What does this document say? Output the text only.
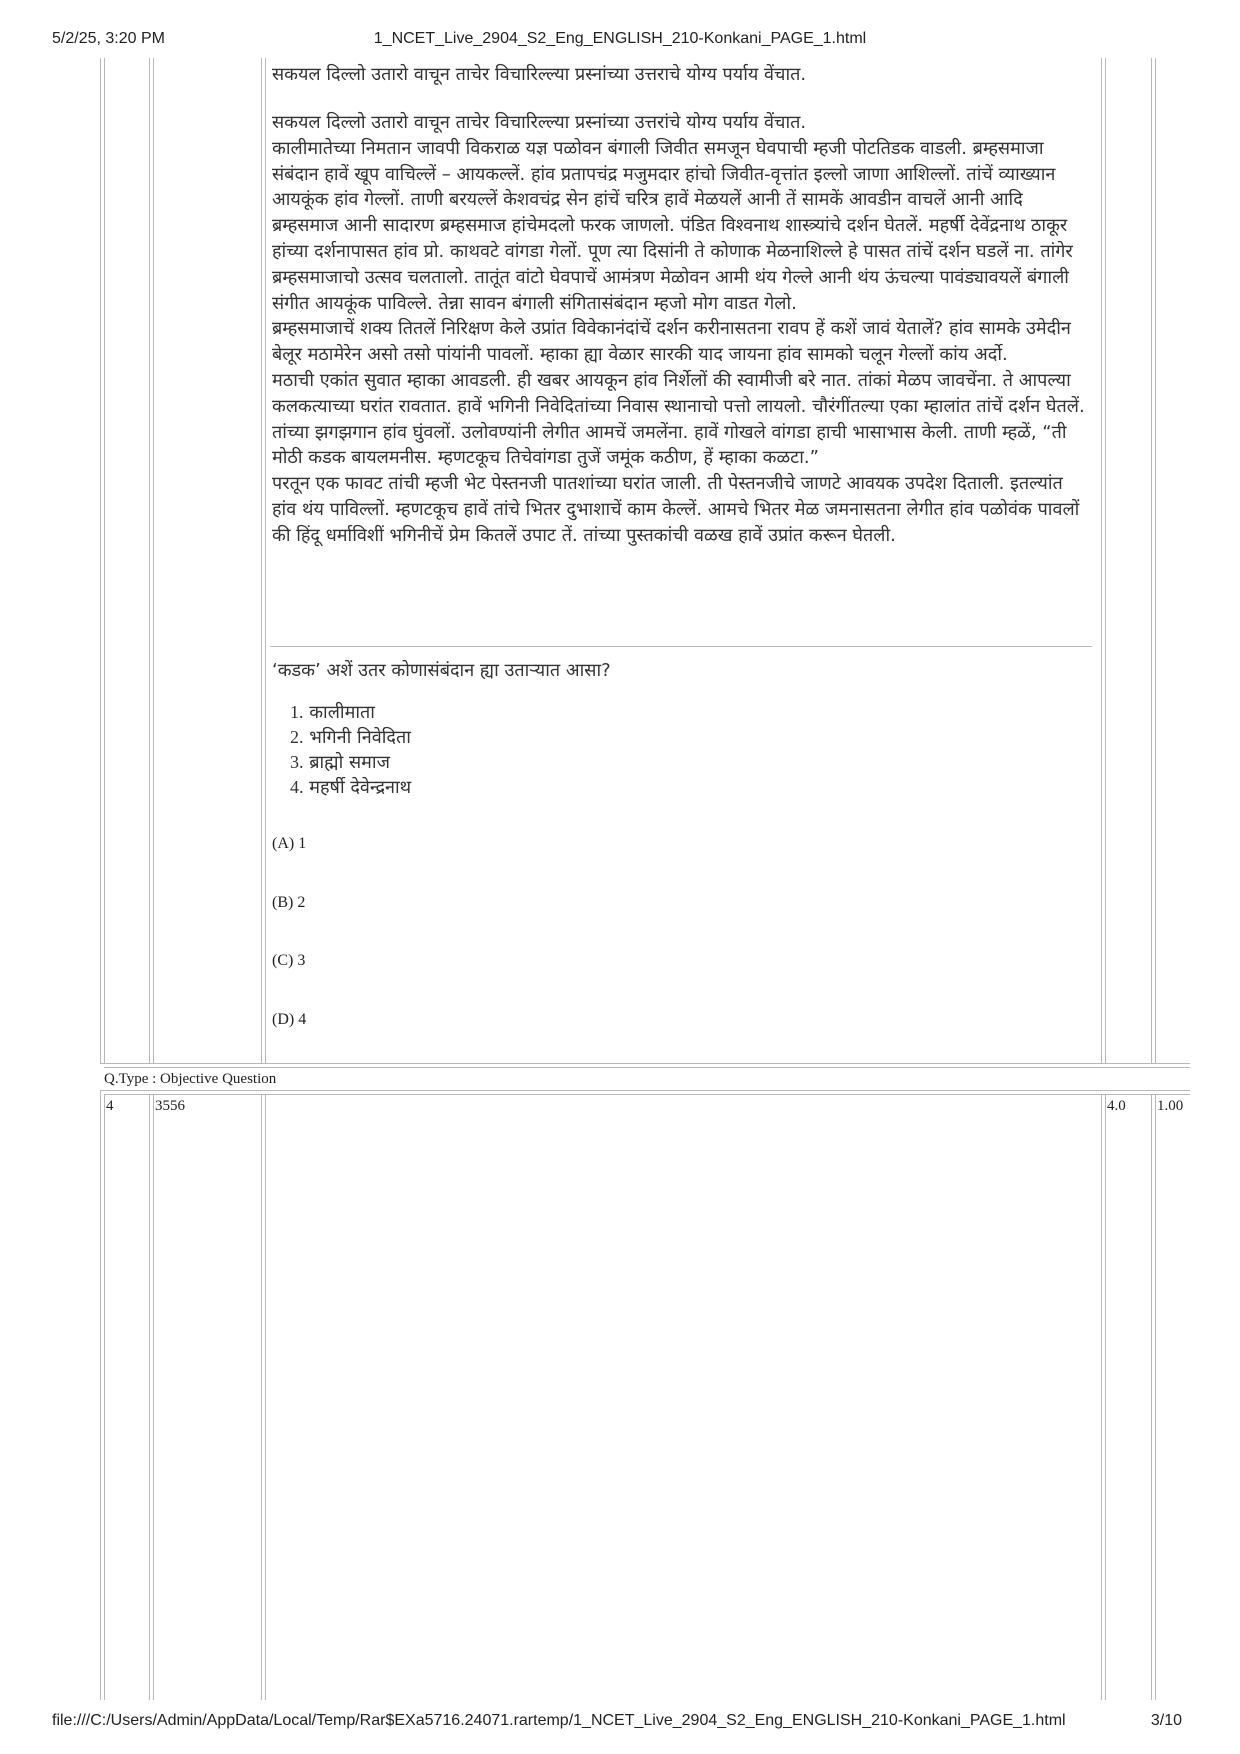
5/2/25, 3:20 PM	1_NCET_Live_2904_S2_Eng_ENGLISH_210-Konkani_PAGE_1.html

सकयल दिल्लो उतारो वाचून ताचेर विचारिल्ल्या प्रस्नांच्या उत्तराचे योग्य पर्याय वेंचात.

सकयल दिल्लो उतारो वाचून ताचेर विचारिल्ल्या प्रस्नांच्या उत्तरांचे योग्य पर्याय वेंचात.

कालीमातेच्या निमतान जावपी विकराळ यज्ञ पळोवन बंगाली जिवीत समजून घेवपाची म्हजी पोटतिडक वाडली. ब्रम्हसमाजा संबंदान हावें खूप वाचिल्लें – आयकल्लें. हांव प्रतापचंद्र मजुमदार हांचो जिवीत-वृत्तांत इल्लो जाणा आशिल्लों. तांचें व्याख्यान आयकूंक हांव गेल्लों. ताणी बरयल्लें केशवचंद्र सेन हांचें चरित्र हावें मेळयलें आनी तें सामकें आवडीन वाचलें आनी आदि ब्रम्हसमाज आनी सादारण ब्रम्हसमाज हांचेमदलो फरक जाणलो. पंडित विश्वनाथ शास्त्र्यांचे दर्शन घेतलें. महर्षी देवेंद्रनाथ ठाकूर हांच्या दर्शनापासत हांव प्रो. काथवटे वांगडा गेलों. पूण त्या दिसांनी ते कोणाक मेळनाशिल्ले हे पासत तांचें दर्शन घडलें ना. तांगेर ब्रम्हसमाजाचो उत्सव चलतालो. तातूंत वांटो घेवपाचें आमंत्रण मेळोवन आमी थंय गेल्ले आनी थंय ऊंचल्या पावंड्यावयलें बंगाली संगीत आयकूंक पाविल्ले. तेन्ना सावन बंगाली संगितासंबंदान म्हजो मोग वाडत गेलो.

ब्रम्हसमाजाचें शक्य तितलें निरिक्षण केले उप्रांत विवेकानंदांचें दर्शन करीनासतना रावप हें कशें जावं येतालें? हांव सामके उमेदीन बेलूर मठामेरेन असो तसो पांयांनी पावलों. म्हाका ह्या वेळार सारकी याद जायना हांव सामको चलून गेल्लों कांय अर्दो.

मठाची एकांत सुवात म्हाका आवडली. ही खबर आयकून हांव निर्शेलों की स्वामीजी बरे नात. तांकां मेळप जावचेंना. ते आपल्या कलकत्याच्या घरांत रावतात. हावें भगिनी निवेदितांच्या निवास स्थानाचो पत्तो लायलो. चौरंगींतल्या एका म्हालांत तांचें दर्शन घेतलें. तांच्या झगझगान हांव घुंवलों. उलोवण्यांनी लेगीत आमचें जमलेंना. हावें गोखले वांगडा हाची भासाभास केली. ताणी म्हळें, “ती मोठी कडक बायलमनीस. म्हणटकूच तिचेवांगडा तुजें जमूंक कठीण, हें म्हाका कळटा.”

परतून एक फावट तांची म्हजी भेट पेस्तनजी पातशांच्या घरांत जाली. ती पेस्तनजीचे जाणटे आवयक उपदेश दिताली. इतल्यांत हांव थंय पाविल्लों. म्हणटकूच हावें तांचे भितर दुभाशाचें काम केल्लें. आमचे भितर मेळ जमनासतना लेगीत हांव पळोवंक पावलों की हिंदू धर्माविशीं भगिनीचें प्रेम कितलें उपाट तें. तांच्या पुस्तकांची वळख हावें उप्रांत करून घेतली.

‘कडक’ अशें उतर कोणासंबंदान ह्या उताऱ्यात आसा?

1. कालीमाता
2. भगिनी निवेदिता
3. ब्राह्मो समाज
4. महर्षी देवेन्द्रनाथ
(A) 1
(B) 2
(C) 3
(D) 4
Q.Type : Objective Question
4	3556	4.0 1.00
file:///C:/Users/Admin/AppData/Local/Temp/Rar$EXa5716.24071.rartemp/1_NCET_Live_2904_S2_Eng_ENGLISH_210-Konkani_PAGE_1.html	3/10
